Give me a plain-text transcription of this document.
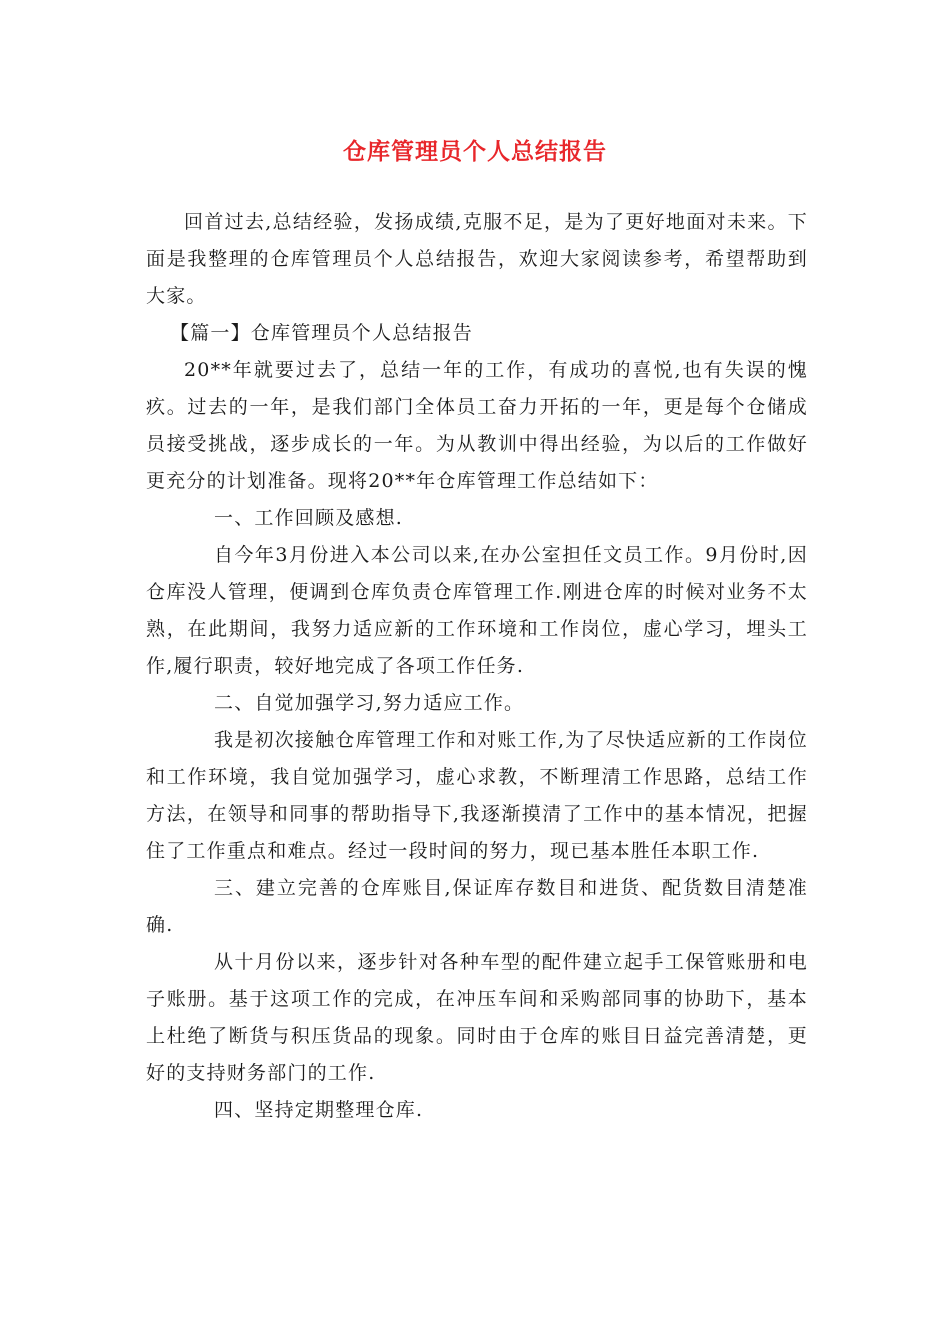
仓库管理员个人总结报告

回首过去,总结经验，发扬成绩,克服不足，是为了更好地面对未来。下面是我整理的仓库管理员个人总结报告，欢迎大家阅读参考，希望帮助到大家。

【篇一】仓库管理员个人总结报告

20**年就要过去了，总结一年的工作，有成功的喜悦,也有失误的愧疚。过去的一年，是我们部门全体员工奋力开拓的一年，更是每个仓储成员接受挑战，逐步成长的一年。为从教训中得出经验，为以后的工作做好更充分的计划准备。现将20**年仓库管理工作总结如下：

一、工作回顾及感想.

自今年3月份进入本公司以来,在办公室担任文员工作。9月份时,因仓库没人管理，便调到仓库负责仓库管理工作.刚进仓库的时候对业务不太熟，在此期间，我努力适应新的工作环境和工作岗位，虚心学习，埋头工作,履行职责，较好地完成了各项工作任务.

二、自觉加强学习,努力适应工作。

我是初次接触仓库管理工作和对账工作,为了尽快适应新的工作岗位和工作环境，我自觉加强学习，虚心求教，不断理清工作思路，总结工作方法，在领导和同事的帮助指导下,我逐渐摸清了工作中的基本情况，把握住了工作重点和难点。经过一段时间的努力，现已基本胜任本职工作.

三、建立完善的仓库账目,保证库存数目和进货、配货数目清楚准确.

从十月份以来，逐步针对各种车型的配件建立起手工保管账册和电子账册。基于这项工作的完成，在冲压车间和采购部同事的协助下，基本上杜绝了断货与积压货品的现象。同时由于仓库的账目日益完善清楚，更好的支持财务部门的工作.

四、坚持定期整理仓库.
